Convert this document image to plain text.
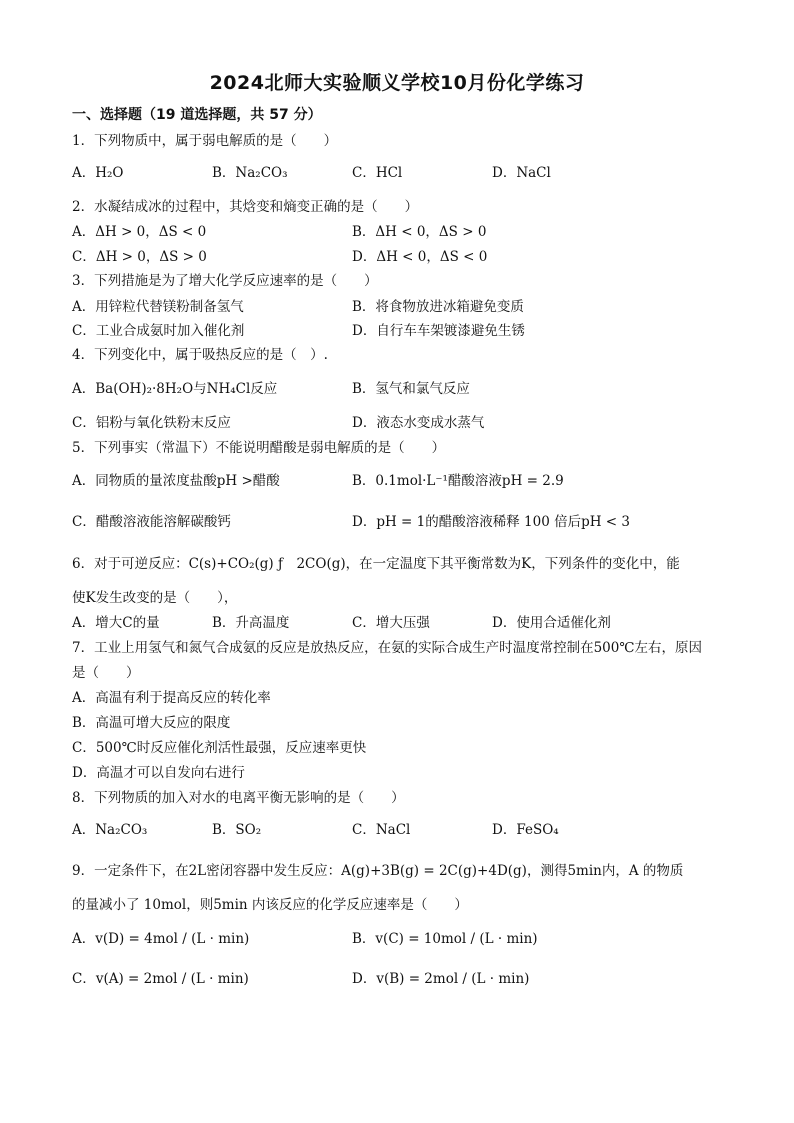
2024北师大实验顺义学校10月份化学练习
一、选择题（19 道选择题，共 57 分）
1．下列物质中，属于弱电解质的是（　　）
A．H₂O	B．Na₂CO₃	C．HCl	D．NaCl
2．水凝结成冰的过程中，其焓变和熵变正确的是（　　）
A．ΔH > 0，ΔS < 0	B．ΔH < 0，ΔS > 0
C．ΔH > 0，ΔS > 0	D．ΔH < 0，ΔS < 0
3．下列措施是为了增大化学反应速率的是（　　）
A．用锌粒代替镁粉制备氢气	B．将食物放进冰箱避免变质
C．工业合成氨时加入催化剂	D．自行车车架镀漆避免生锈
4．下列变化中，属于吸热反应的是（　）.
A．Ba(OH)₂·8H₂O与NH₄Cl反应	B．氢气和氯气反应
C．铝粉与氧化铁粉末反应	D．液态水变成水蒸气
5．下列事实（常温下）不能说明醋酸是弱电解质的是（　　）
A．同物质的量浓度盐酸pH >醋酸	B．0.1mol·L⁻¹醋酸溶液pH = 2.9
C．醋酸溶液能溶解碳酸钙	D．pH = 1的醋酸溶液稀释 100 倍后pH < 3
6．对于可逆反应：C(s)+CO₂(g) ƒ　2CO(g)，在一定温度下其平衡常数为K，下列条件的变化中，能
使K发生改变的是（　　），
A．增大C的量	B．升高温度	C．增大压强	D．使用合适催化剂
7．工业上用氢气和氮气合成氨的反应是放热反应，在氨的实际合成生产时温度常控制在500℃左右，原因
是（　　）
A．高温有利于提高反应的转化率
B．高温可增大反应的限度
C．500℃时反应催化剂活性最强，反应速率更快
D．高温才可以自发向右进行
8．下列物质的加入对水的电离平衡无影响的是（　　）
A．Na₂CO₃	B．SO₂	C．NaCl	D．FeSO₄
9．一定条件下，在2L密闭容器中发生反应：A(g)+3B(g) = 2C(g)+4D(g)，测得5min内，A 的物质
的量减小了 10mol，则5min 内该反应的化学反应速率是（　　）
A．v(D) = 4mol / (L · min)	B．v(C) = 10mol / (L · min)
C．v(A) = 2mol / (L · min)	D．v(B) = 2mol / (L · min)
